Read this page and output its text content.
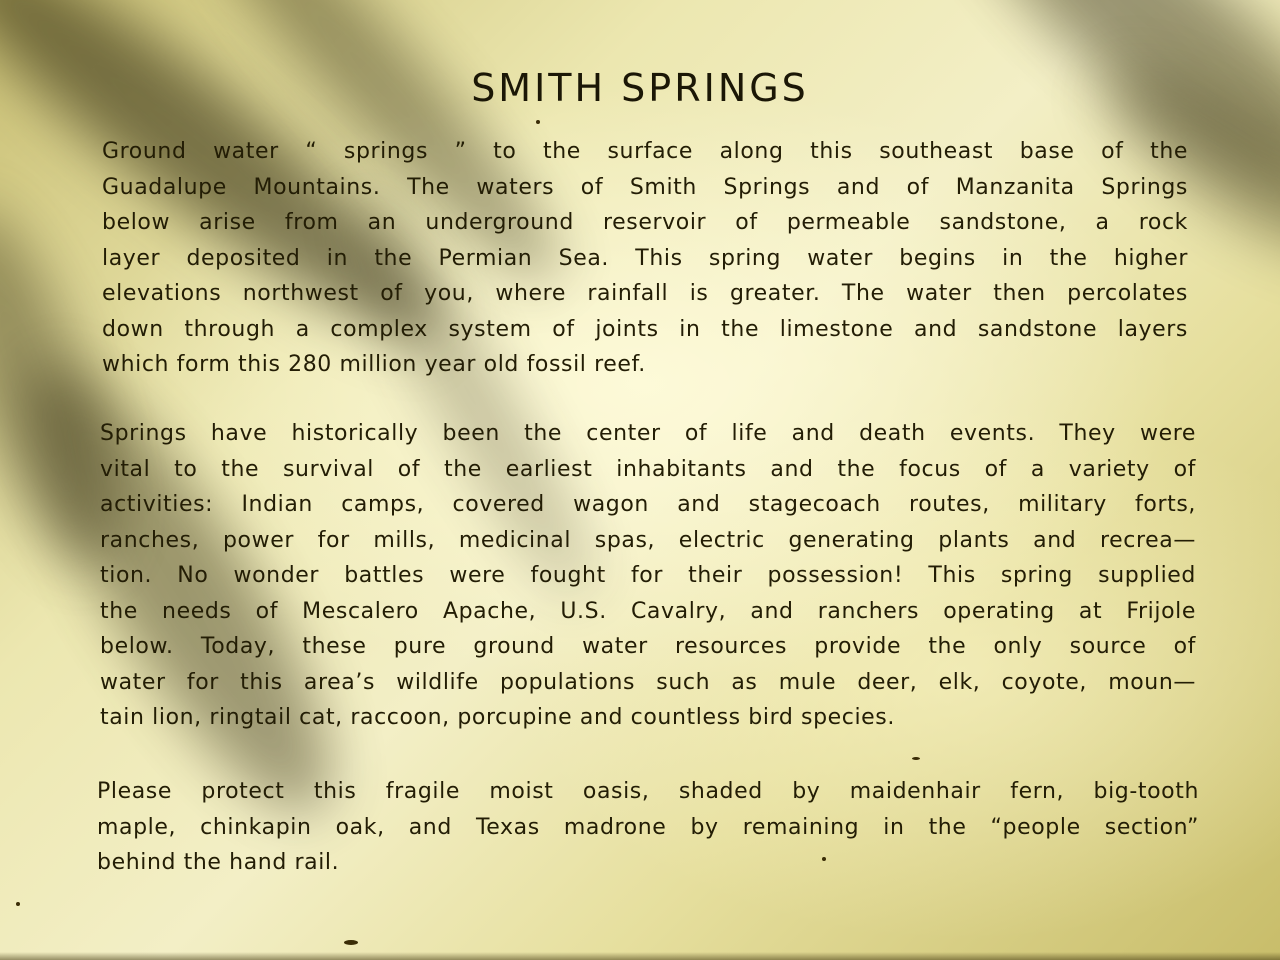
SMITH SPRINGS
Ground water “ springs ” to the surface along this southeast base of the
Guadalupe Mountains. The waters of Smith Springs and of Manzanita Springs
below arise from an underground reservoir of permeable sandstone, a rock
layer deposited in the Permian Sea. This spring water begins in the higher
elevations northwest of you, where rainfall is greater. The water then percolates
down through a complex system of joints in the limestone and sandstone layers
which form this 280 million year old fossil reef.
Springs have historically been the center of life and death events. They were
vital to the survival of the earliest inhabitants and the focus of a variety of
activities: Indian camps, covered wagon and stagecoach routes, military forts,
ranches, power for mills, medicinal spas, electric generating plants and recrea—
tion. No wonder battles were fought for their possession! This spring supplied
the needs of Mescalero Apache, U.S. Cavalry, and ranchers operating at Frijole
below. Today, these pure ground water resources provide the only source of
water for this area’s wildlife populations such as mule deer, elk, coyote, moun—
tain lion, ringtail cat, raccoon, porcupine and countless bird species.
Please protect this fragile moist oasis, shaded by maidenhair fern, big-tooth
maple, chinkapin oak, and Texas madrone by remaining in the “people section”
behind the hand rail.
